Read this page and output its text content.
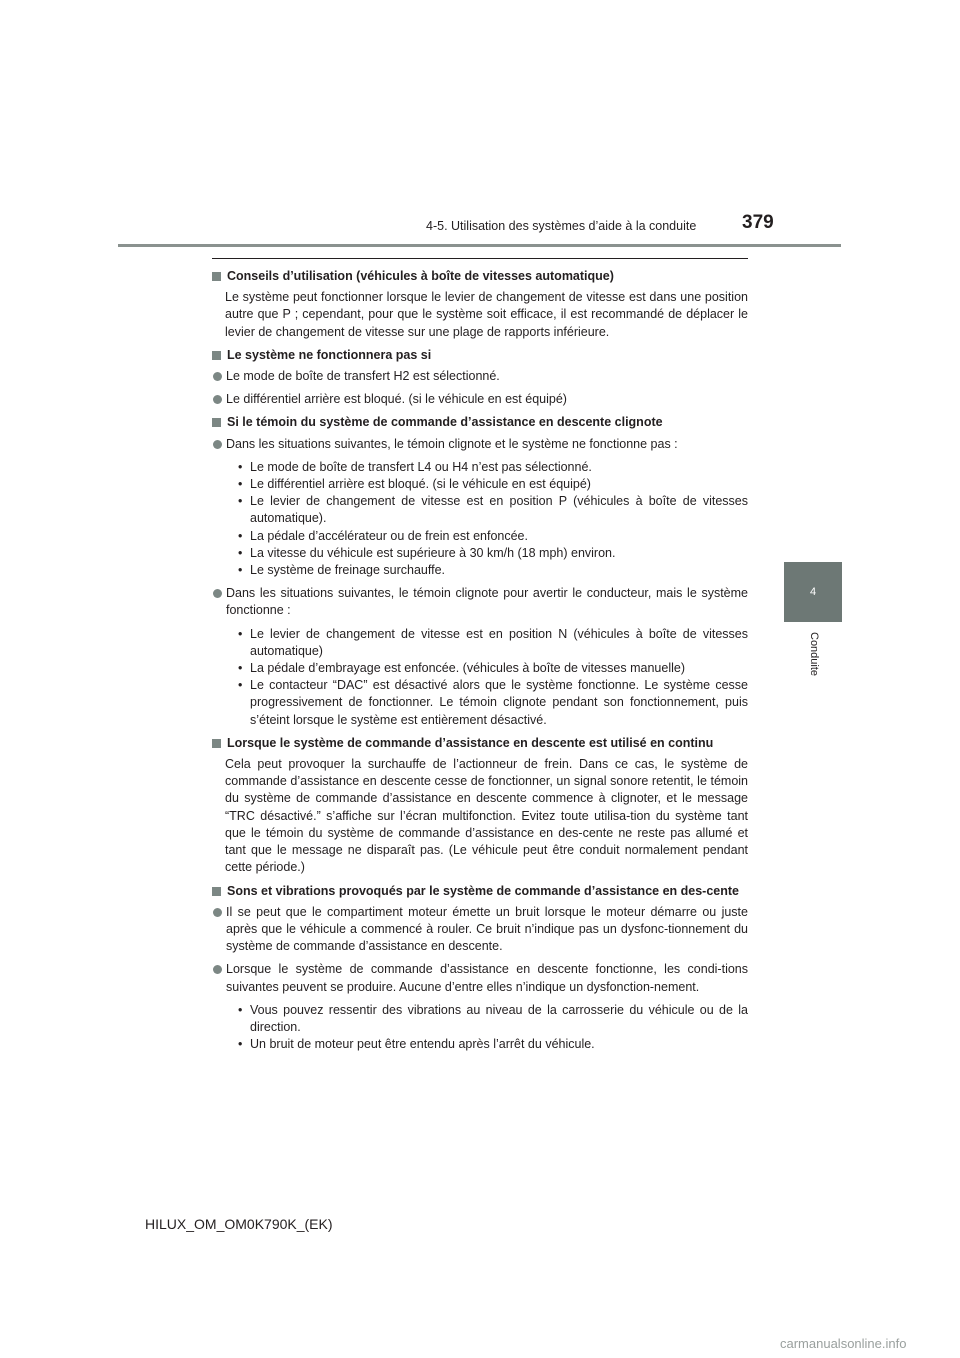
4-5. Utilisation des systèmes d’aide à la conduite 379
4
Conduite
Conseils d’utilisation (véhicules à boîte de vitesses automatique)
Le système peut fonctionner lorsque le levier de changement de vitesse est dans une position autre que P ; cependant, pour que le système soit efficace, il est recommandé de déplacer le levier de changement de vitesse sur une plage de rapports inférieure.
Le système ne fonctionnera pas si
Le mode de boîte de transfert H2 est sélectionné.
Le différentiel arrière est bloqué. (si le véhicule en est équipé)
Si le témoin du système de commande d’assistance en descente clignote
Dans les situations suivantes, le témoin clignote et le système ne fonctionne pas :
• Le mode de boîte de transfert L4 ou H4 n’est pas sélectionné.
• Le différentiel arrière est bloqué. (si le véhicule en est équipé)
• Le levier de changement de vitesse est en position P (véhicules à boîte de vitesses automatique).
• La pédale d’accélérateur ou de frein est enfoncée.
• La vitesse du véhicule est supérieure à 30 km/h (18 mph) environ.
• Le système de freinage surchauffe.
Dans les situations suivantes, le témoin clignote pour avertir le conducteur, mais le système fonctionne :
• Le levier de changement de vitesse est en position N (véhicules à boîte de vitesses automatique)
• La pédale d’embrayage est enfoncée. (véhicules à boîte de vitesses manuelle)
• Le contacteur “DAC” est désactivé alors que le système fonctionne. Le système cesse progressivement de fonctionner. Le témoin clignote pendant son fonctionnement, puis s’éteint lorsque le système est entièrement désactivé.
Lorsque le système de commande d’assistance en descente est utilisé en continu
Cela peut provoquer la surchauffe de l’actionneur de frein. Dans ce cas, le système de commande d’assistance en descente cesse de fonctionner, un signal sonore retentit, le témoin du système de commande d’assistance en descente commence à clignoter, et le message “TRC désactivé.” s’affiche sur l’écran multifonction. Evitez toute utilisa-tion du système tant que le témoin du système de commande d’assistance en des-cente ne reste pas allumé et tant que le message ne disparaît pas. (Le véhicule peut être conduit normalement pendant cette période.)
Sons et vibrations provoqués par le système de commande d’assistance en des-cente
Il se peut que le compartiment moteur émette un bruit lorsque le moteur démarre ou juste après que le véhicule a commencé à rouler. Ce bruit n’indique pas un dysfonc-tionnement du système de commande d’assistance en descente.
Lorsque le système de commande d’assistance en descente fonctionne, les condi-tions suivantes peuvent se produire. Aucune d’entre elles n’indique un dysfonction-nement.
• Vous pouvez ressentir des vibrations au niveau de la carrosserie du véhicule ou de la direction.
• Un bruit de moteur peut être entendu après l’arrêt du véhicule.
HILUX_OM_OM0K790K_(EK)
carmanualsonline.info
